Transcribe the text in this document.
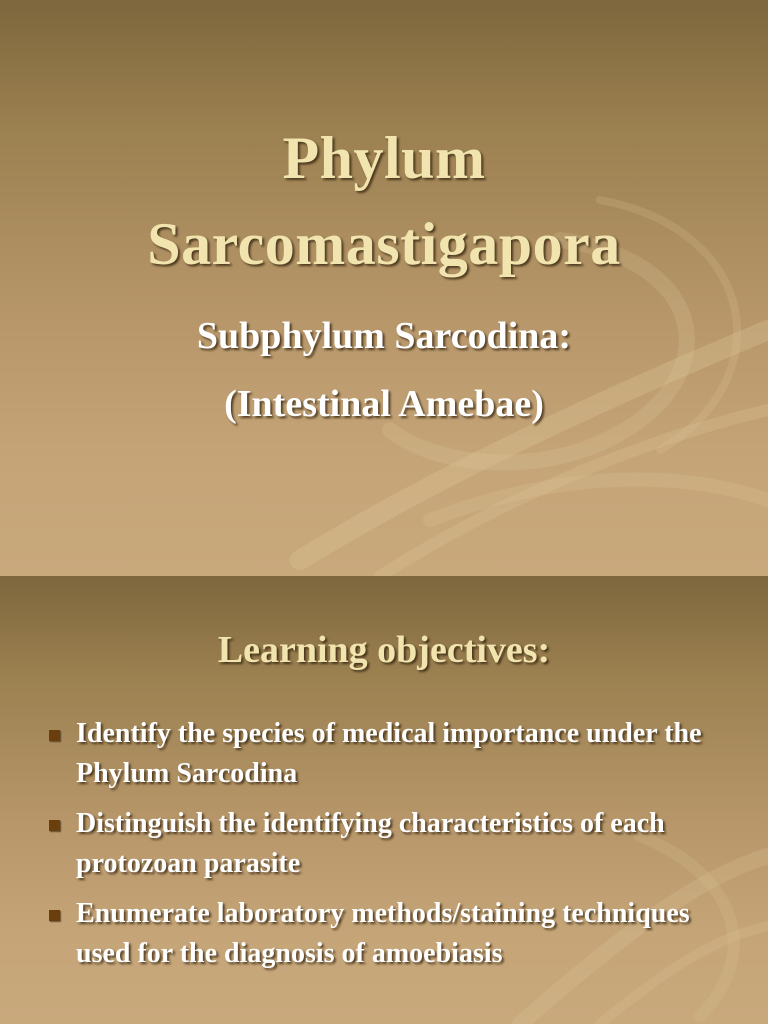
Phylum
Sarcomastigapora
Subphylum Sarcodina:
(Intestinal Amebae)
Learning objectives:
Identify the species of medical importance under the Phylum Sarcodina
Distinguish the identifying characteristics of each protozoan parasite
Enumerate laboratory methods/staining techniques used for the diagnosis of amoebiasis
